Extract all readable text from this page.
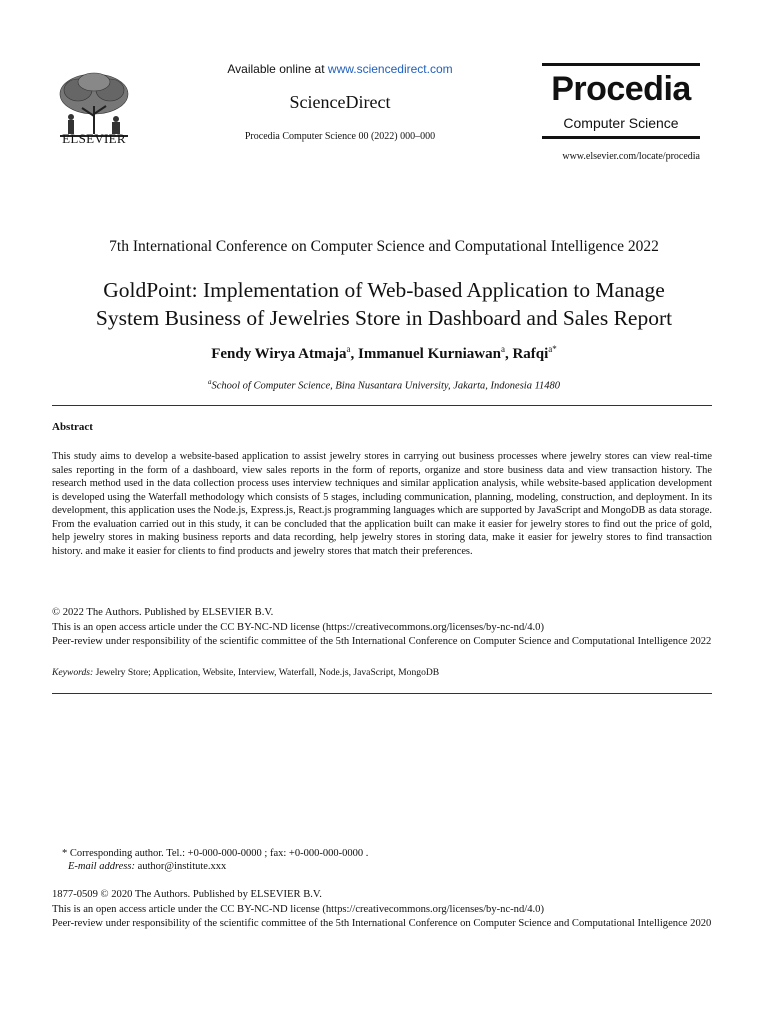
ELSEVIER
Available online at www.sciencedirect.com
ScienceDirect
Procedia Computer Science 00 (2022) 000–000
Procedia
Computer Science
www.elsevier.com/locate/procedia
7th International Conference on Computer Science and Computational Intelligence 2022
GoldPoint: Implementation of Web-based Application to Manage
System Business of Jewelries Store in Dashboard and Sales Report
Fendy Wirya Atmaja$^a$, Immanuel Kurniawan$^a$, Rafqi$^{a*}$
$^a$School of Computer Science, Bina Nusantara University, Jakarta, Indonesia 11480
Abstract
This study aims to develop a website-based application to assist jewelry stores in carrying out business processes where jewelry stores can view real-time sales reporting in the form of a dashboard, view sales reports in the form of reports, organize and store business data and view transaction history. The research method used in the data collection process uses interview techniques and similar application analysis, while website-based application development is developed using the Waterfall methodology which consists of 5 stages, including communication, planning, modeling, construction, and deployment. In its development, this application uses the Node.js, Express.js, React.js programming languages which are supported by JavaScript and MongoDB as data storage. From the evaluation carried out in this study, it can be concluded that the application built can make it easier for jewelry stores to find out the price of gold, help jewelry stores in making business reports and data recording, help jewelry stores in storing data, make it easier for jewelry stores to find transaction history. and make it easier for clients to find products and jewelry stores that match their preferences.
© 2022 The Authors. Published by ELSEVIER B.V.
This is an open access article under the CC BY-NC-ND license (https://creativecommons.org/licenses/by-nc-nd/4.0)
Peer-review under responsibility of the scientific committee of the 5th International Conference on Computer Science and Computational Intelligence 2022
Keywords: Jewelry Store; Application, Website, Interview, Waterfall, Node.js, JavaScript, MongoDB
* Corresponding author. Tel.: +0-000-000-0000 ; fax: +0-000-000-0000 .
E-mail address: author@institute.xxx
1877-0509 © 2020 The Authors. Published by ELSEVIER B.V.
This is an open access article under the CC BY-NC-ND license (https://creativecommons.org/licenses/by-nc-nd/4.0)
Peer-review under responsibility of the scientific committee of the 5th International Conference on Computer Science and Computational Intelligence 2020
